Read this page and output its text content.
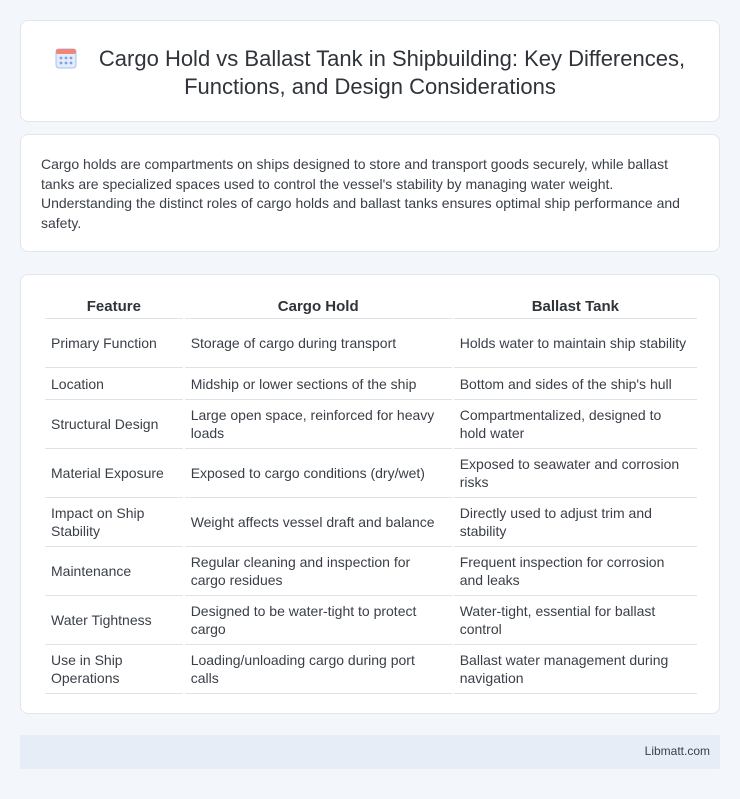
Cargo Hold vs Ballast Tank in Shipbuilding: Key Differences, Functions, and Design Considerations

Cargo holds are compartments on ships designed to store and transport goods securely, while ballast tanks are specialized spaces used to control the vessel's stability by managing water weight. Understanding the distinct roles of cargo holds and ballast tanks ensures optimal ship performance and safety.

Feature	Cargo Hold	Ballast Tank
Primary Function	Storage of cargo during transport	Holds water to maintain ship stability
Location	Midship or lower sections of the ship	Bottom and sides of the ship's hull
Structural Design	Large open space, reinforced for heavy loads	Compartmentalized, designed to hold water
Material Exposure	Exposed to cargo conditions (dry/wet)	Exposed to seawater and corrosion risks
Impact on Ship Stability	Weight affects vessel draft and balance	Directly used to adjust trim and stability
Maintenance	Regular cleaning and inspection for cargo residues	Frequent inspection for corrosion and leaks
Water Tightness	Designed to be water-tight to protect cargo	Water-tight, essential for ballast control
Use in Ship Operations	Loading/unloading cargo during port calls	Ballast water management during navigation
Libmatt.com
